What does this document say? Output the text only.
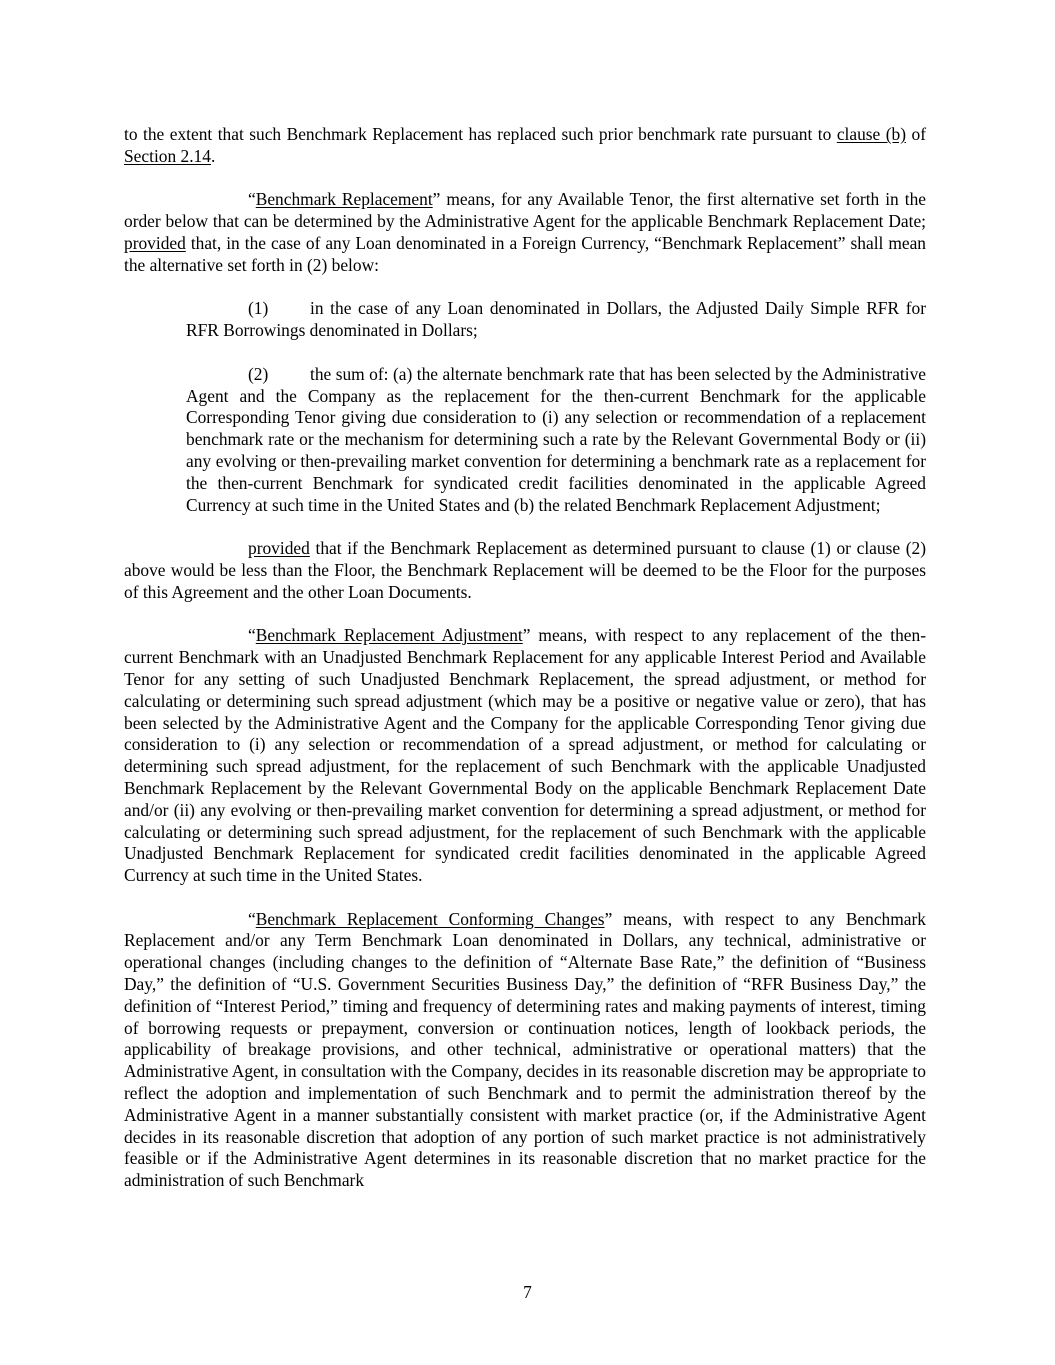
to the extent that such Benchmark Replacement has replaced such prior benchmark rate pursuant to clause (b) of Section 2.14.

“Benchmark Replacement” means, for any Available Tenor, the first alternative set forth in the order below that can be determined by the Administrative Agent for the applicable Benchmark Replacement Date; provided that, in the case of any Loan denominated in a Foreign Currency, “Benchmark Replacement” shall mean the alternative set forth in (2) below:

(1) in the case of any Loan denominated in Dollars, the Adjusted Daily Simple RFR for RFR Borrowings denominated in Dollars;

(2) the sum of: (a) the alternate benchmark rate that has been selected by the Administrative Agent and the Company as the replacement for the then-current Benchmark for the applicable Corresponding Tenor giving due consideration to (i) any selection or recommendation of a replacement benchmark rate or the mechanism for determining such a rate by the Relevant Governmental Body or (ii) any evolving or then-prevailing market convention for determining a benchmark rate as a replacement for the then-current Benchmark for syndicated credit facilities denominated in the applicable Agreed Currency at such time in the United States and (b) the related Benchmark Replacement Adjustment;

provided that if the Benchmark Replacement as determined pursuant to clause (1) or clause (2) above would be less than the Floor, the Benchmark Replacement will be deemed to be the Floor for the purposes of this Agreement and the other Loan Documents.

“Benchmark Replacement Adjustment” means, with respect to any replacement of the then-current Benchmark with an Unadjusted Benchmark Replacement for any applicable Interest Period and Available Tenor for any setting of such Unadjusted Benchmark Replacement, the spread adjustment, or method for calculating or determining such spread adjustment (which may be a positive or negative value or zero), that has been selected by the Administrative Agent and the Company for the applicable Corresponding Tenor giving due consideration to (i) any selection or recommendation of a spread adjustment, or method for calculating or determining such spread adjustment, for the replacement of such Benchmark with the applicable Unadjusted Benchmark Replacement by the Relevant Governmental Body on the applicable Benchmark Replacement Date and/or (ii) any evolving or then-prevailing market convention for determining a spread adjustment, or method for calculating or determining such spread adjustment, for the replacement of such Benchmark with the applicable Unadjusted Benchmark Replacement for syndicated credit facilities denominated in the applicable Agreed Currency at such time in the United States.

“Benchmark Replacement Conforming Changes” means, with respect to any Benchmark Replacement and/or any Term Benchmark Loan denominated in Dollars, any technical, administrative or operational changes (including changes to the definition of “Alternate Base Rate,” the definition of “Business Day,” the definition of “U.S. Government Securities Business Day,” the definition of “RFR Business Day,” the definition of “Interest Period,” timing and frequency of determining rates and making payments of interest, timing of borrowing requests or prepayment, conversion or continuation notices, length of lookback periods, the applicability of breakage provisions, and other technical, administrative or operational matters) that the Administrative Agent, in consultation with the Company, decides in its reasonable discretion may be appropriate to reflect the adoption and implementation of such Benchmark and to permit the administration thereof by the Administrative Agent in a manner substantially consistent with market practice (or, if the Administrative Agent decides in its reasonable discretion that adoption of any portion of such market practice is not administratively feasible or if the Administrative Agent determines in its reasonable discretion that no market practice for the administration of such Benchmark

7
